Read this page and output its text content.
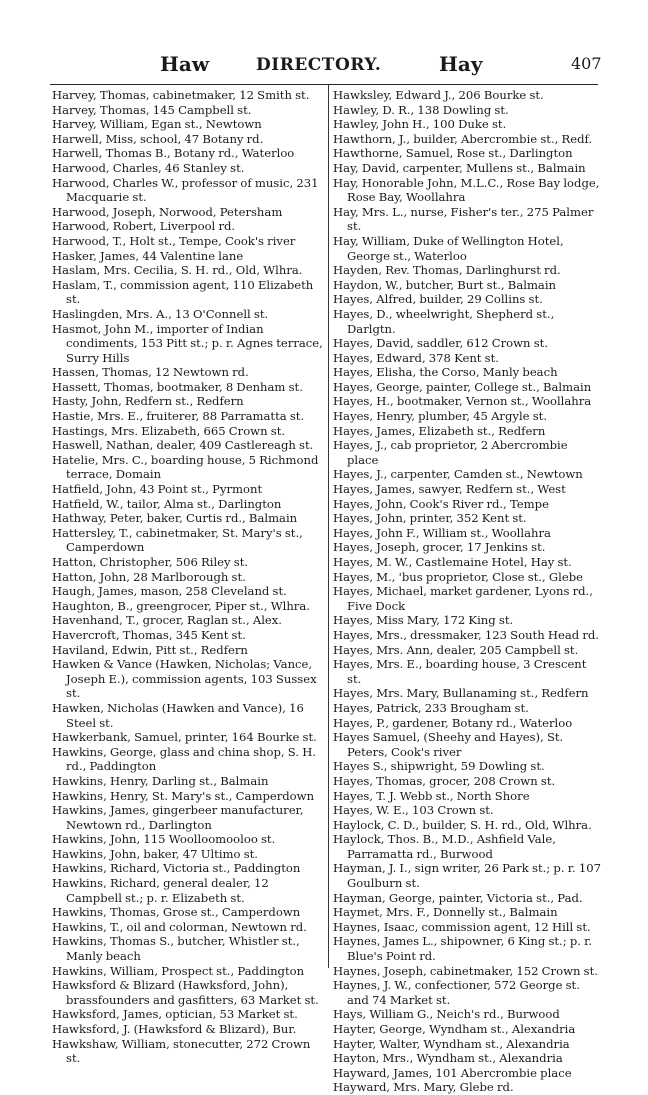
Haw	DIRECTORY.	Hay	407
Harvey, Thomas, cabinetmaker, 12 Smith st.
Harvey, Thomas, 145 Campbell st.
Harvey, William, Egan st., Newtown
Harwell, Miss, school, 47 Botany rd.
Harwell, Thomas B., Botany rd., Waterloo
Harwood, Charles, 46 Stanley st.
Harwood, Charles W., professor of music, 231 Macquarie st.
Harwood, Joseph, Norwood, Petersham
Harwood, Robert, Liverpool rd.
Harwood, T., Holt st., Tempe, Cook's river
Hasker, James, 44 Valentine lane
Haslam, Mrs. Cecilia, S. H. rd., Old, Wlhra.
Haslam, T., commission agent, 110 Elizabeth st.
Haslingden, Mrs. A., 13 O'Connell st.
Hasmot, John M., importer of Indian condiments, 153 Pitt st.; p. r. Agnes terrace, Surry Hills
Hassen, Thomas, 12 Newtown rd.
Hassett, Thomas, bootmaker, 8 Denham st.
Hasty, John, Redfern st., Redfern
Hastie, Mrs. E., fruiterer, 88 Parramatta st.
Hastings, Mrs. Elizabeth, 665 Crown st.
Haswell, Nathan, dealer, 409 Castlereagh st.
Hatelie, Mrs. C., boarding house, 5 Richmond terrace, Domain
Hatfield, John, 43 Point st., Pyrmont
Hatfield, W., tailor, Alma st., Darlington
Hathway, Peter, baker, Curtis rd., Balmain
Hattersley, T., cabinetmaker, St. Mary's st., Camperdown
Hatton, Christopher, 506 Riley st.
Hatton, John, 28 Marlborough st.
Haugh, James, mason, 258 Cleveland st.
Haughton, B., greengrocer, Piper st., Wlhra.
Havenhand, T., grocer, Raglan st., Alex.
Havercroft, Thomas, 345 Kent st.
Haviland, Edwin, Pitt st., Redfern
Hawken & Vance (Hawken, Nicholas; Vance, Joseph E.), commission agents, 103 Sussex st.
Hawken, Nicholas (Hawken and Vance), 16 Steel st.
Hawkerbank, Samuel, printer, 164 Bourke st.
Hawkins, George, glass and china shop, S. H. rd., Paddington
Hawkins, Henry, Darling st., Balmain
Hawkins, Henry, St. Mary's st., Camperdown
Hawkins, James, gingerbeer manufacturer, Newtown rd., Darlington
Hawkins, John, 115 Woolloomooloo st.
Hawkins, John, baker, 47 Ultimo st.
Hawkins, Richard, Victoria st., Paddington
Hawkins, Richard, general dealer, 12 Campbell st.; p. r. Elizabeth st.
Hawkins, Thomas, Grose st., Camperdown
Hawkins, T., oil and colorman, Newtown rd.
Hawkins, Thomas S., butcher, Whistler st., Manly beach
Hawkins, William, Prospect st., Paddington
Hawksford & Blizard (Hawksford, John), brassfounders and gasfitters, 63 Market st.
Hawksford, James, optician, 53 Market st.
Hawksford, J. (Hawksford & Blizard), Bur.
Hawkshaw, William, stonecutter, 272 Crown st.
Hawksley, Edward J., 206 Bourke st.
Hawley, D. R., 138 Dowling st.
Hawley, John H., 100 Duke st.
Hawthorn, J., builder, Abercrombie st., Redf.
Hawthorne, Samuel, Rose st., Darlington
Hay, David, carpenter, Mullens st., Balmain
Hay, Honorable John, M.L.C., Rose Bay lodge, Rose Bay, Woollahra
Hay, Mrs. L., nurse, Fisher's ter., 275 Palmer st.
Hay, William, Duke of Wellington Hotel, George st., Waterloo
Hayden, Rev. Thomas, Darlinghurst rd.
Haydon, W., butcher, Burt st., Balmain
Hayes, Alfred, builder, 29 Collins st.
Hayes, D., wheelwright, Shepherd st., Darlgtn.
Hayes, David, saddler, 612 Crown st.
Hayes, Edward, 378 Kent st.
Hayes, Elisha, the Corso, Manly beach
Hayes, George, painter, College st., Balmain
Hayes, H., bootmaker, Vernon st., Woollahra
Hayes, Henry, plumber, 45 Argyle st.
Hayes, James, Elizabeth st., Redfern
Hayes, J., cab proprietor, 2 Abercrombie place
Hayes, J., carpenter, Camden st., Newtown
Hayes, James, sawyer, Redfern st., West
Hayes, John, Cook's River rd., Tempe
Hayes, John, printer, 352 Kent st.
Hayes, John F., William st., Woollahra
Hayes, Joseph, grocer, 17 Jenkins st.
Hayes, M. W., Castlemaine Hotel, Hay st.
Hayes, M., 'bus proprietor, Close st., Glebe
Hayes, Michael, market gardener, Lyons rd., Five Dock
Hayes, Miss Mary, 172 King st.
Hayes, Mrs., dressmaker, 123 South Head rd.
Hayes, Mrs. Ann, dealer, 205 Campbell st.
Hayes, Mrs. E., boarding house, 3 Crescent st.
Hayes, Mrs. Mary, Bullanaming st., Redfern
Hayes, Patrick, 233 Brougham st.
Hayes, P., gardener, Botany rd., Waterloo
Hayes Samuel, (Sheehy and Hayes), St. Peters, Cook's river
Hayes S., shipwright, 59 Dowling st.
Hayes, Thomas, grocer, 208 Crown st.
Hayes, T. J. Webb st., North Shore
Hayes, W. E., 103 Crown st.
Haylock, C. D., builder, S. H. rd., Old, Wlhra.
Haylock, Thos. B., M.D., Ashfield Vale, Parramatta rd., Burwood
Hayman, J. I., sign writer, 26 Park st.; p. r. 107 Goulburn st.
Hayman, George, painter, Victoria st., Pad.
Haymet, Mrs. F., Donnelly st., Balmain
Haynes, Isaac, commission agent, 12 Hill st.
Haynes, James L., shipowner, 6 King st.; p. r. Blue's Point rd.
Haynes, Joseph, cabinetmaker, 152 Crown st.
Haynes, J. W., confectioner, 572 George st. and 74 Market st.
Hays, William G., Neich's rd., Burwood
Hayter, George, Wyndham st., Alexandria
Hayter, Walter, Wyndham st., Alexandria
Hayton, Mrs., Wyndham st., Alexandria
Hayward, James, 101 Abercrombie place
Hayward, Mrs. Mary, Glebe rd.
